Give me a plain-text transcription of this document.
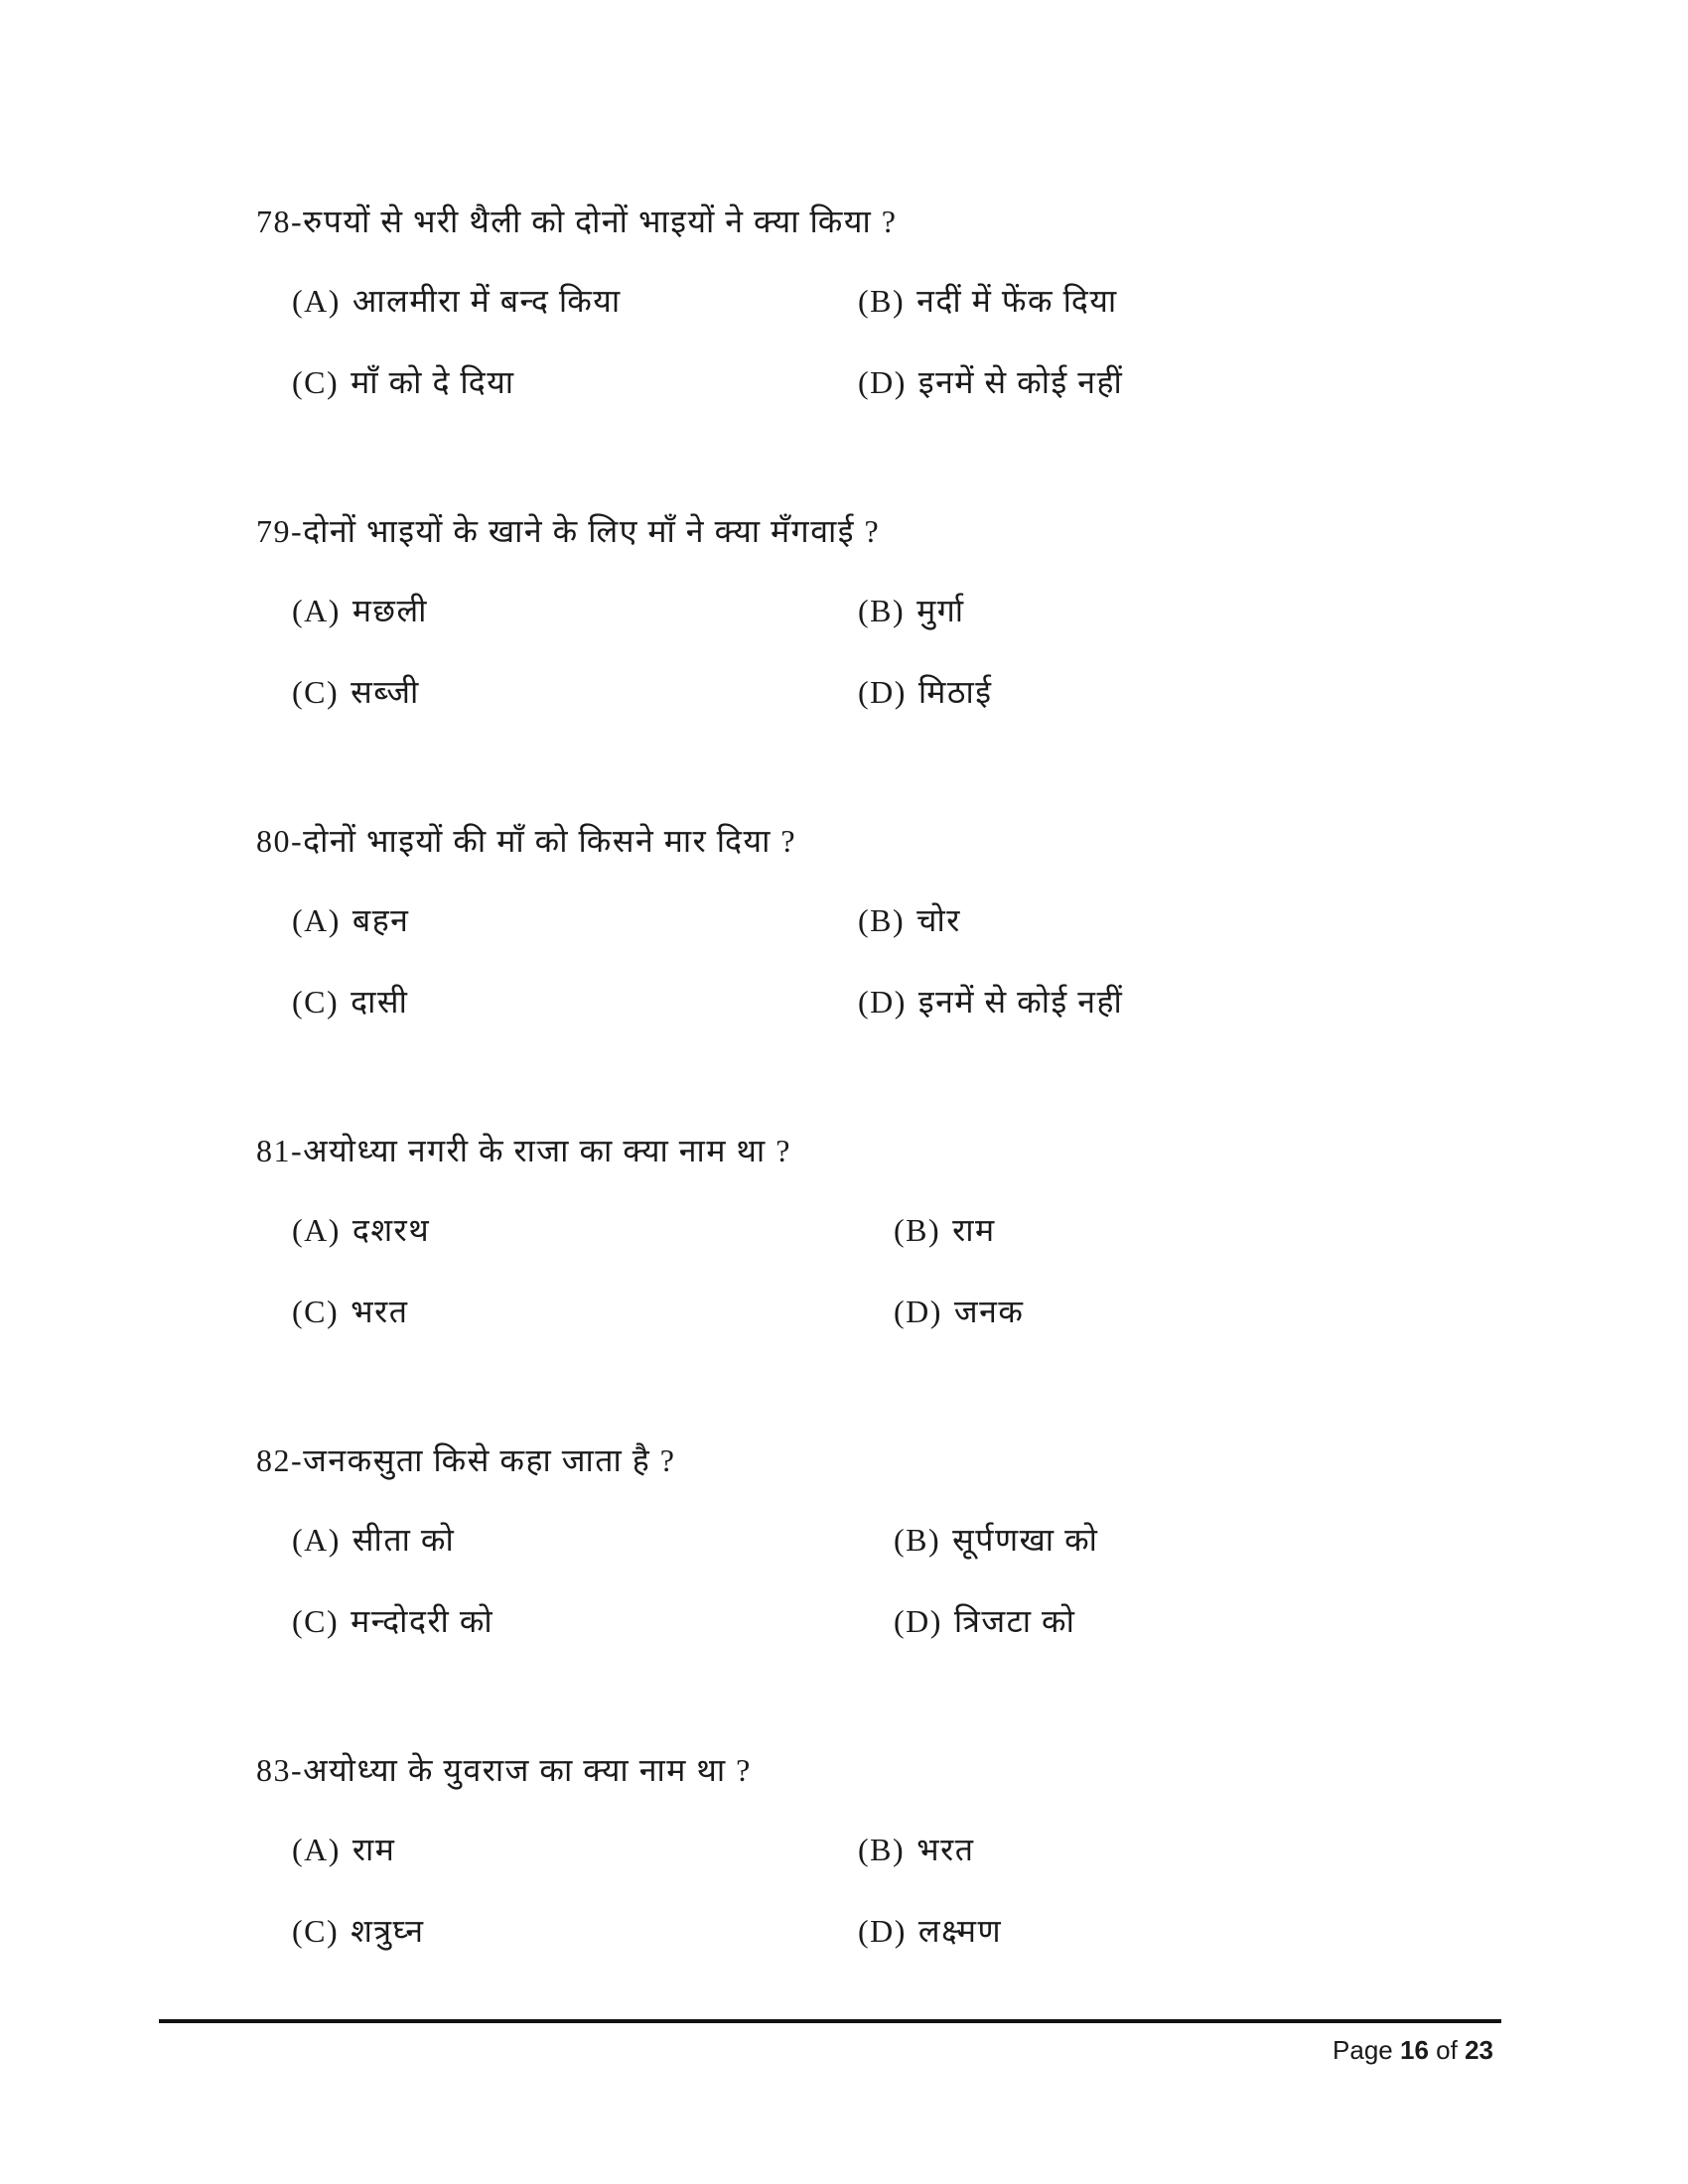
78-रुपयों से भरी थैली को दोनों भाइयों ने क्या किया ?
(A) आलमीरा में बन्द किया	(B) नदीं में फेंक दिया
(C) माँ को दे दिया	(D) इनमें से कोई नहीं
79-दोनों भाइयों के खाने के लिए माँ ने क्या मँगवाई ?
(A) मछली	(B) मुर्गा
(C) सब्जी	(D) मिठाई
80-दोनों भाइयों की माँ को किसने मार दिया ?
(A) बहन	(B) चोर
(C) दासी	(D) इनमें से कोई नहीं
81-अयोध्या नगरी के राजा का क्या नाम था ?
(A) दशरथ	(B) राम
(C) भरत	(D) जनक
82-जनकसुता किसे कहा जाता है ?
(A) सीता को	(B) सूर्पणखा को
(C) मन्दोदरी को	(D) त्रिजटा को
83-अयोध्या के युवराज का क्या नाम था ?
(A) राम	(B) भरत
(C) शत्रुघ्न	(D) लक्ष्मण
Page 16 of 23
